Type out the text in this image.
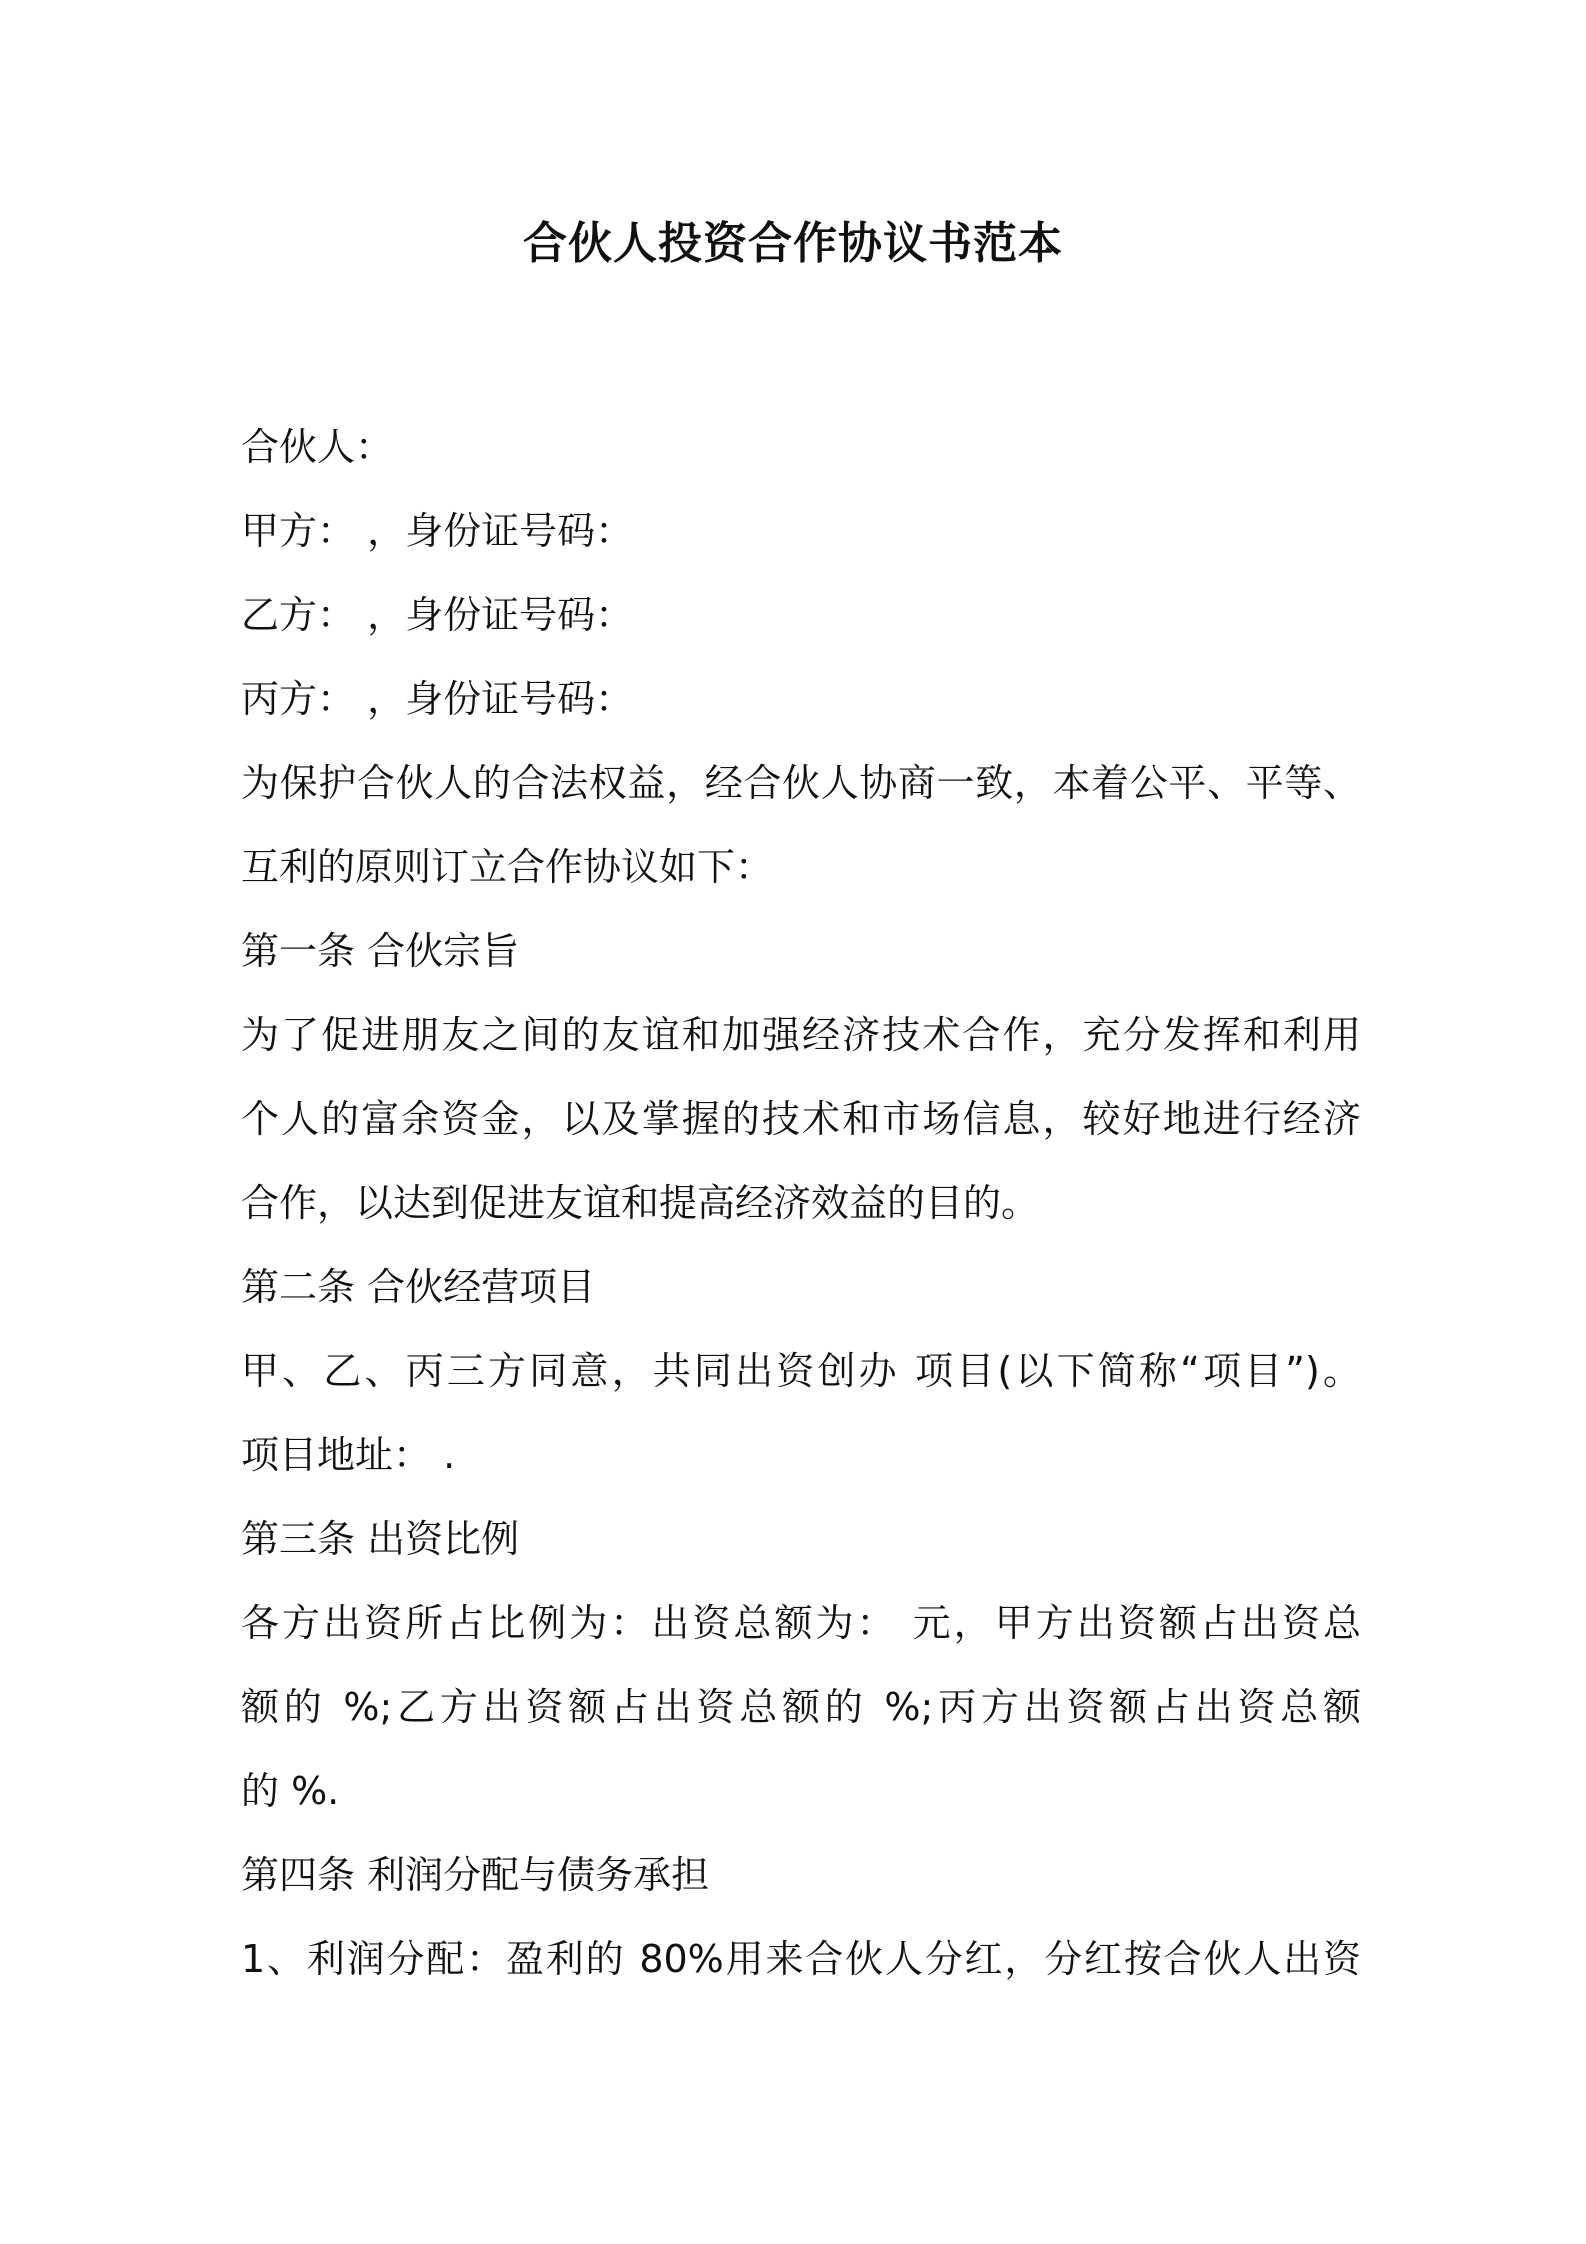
合伙人投资合作协议书范本
合伙人：
甲方： ，身份证号码：
乙方： ，身份证号码：
丙方： ，身份证号码：
为保护合伙人的合法权益，经合伙人协商一致，本着公平、平等、
互利的原则订立合作协议如下：
第一条 合伙宗旨
为了促进朋友之间的友谊和加强经济技术合作，充分发挥和利用
个人的富余资金，以及掌握的技术和市场信息，较好地进行经济
合作，以达到促进友谊和提高经济效益的目的。
第二条 合伙经营项目
甲、乙、丙三方同意，共同出资创办 项目(以下简称“项目”)。
项目地址： .
第三条 出资比例
各方出资所占比例为：出资总额为： 元，甲方出资额占出资总
额的 %;乙方出资额占出资总额的 %;丙方出资额占出资总额
的 %.
第四条 利润分配与债务承担
1、利润分配：盈利的 80%用来合伙人分红，分红按合伙人出资
